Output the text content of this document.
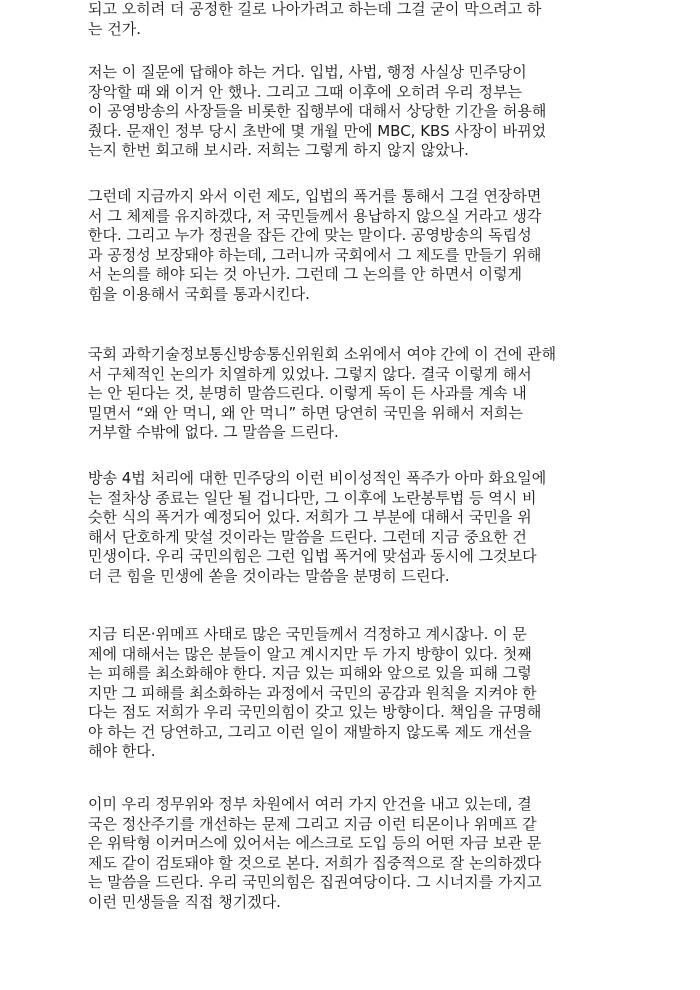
되고 오히려 더 공정한 길로 나아가려고 하는데 그걸 굳이 막으려고 하
는 건가.
저는 이 질문에 답해야 하는 거다. 입법, 사법, 행정 사실상 민주당이
장악할 때 왜 이거 안 했나. 그리고 그때 이후에 오히려 우리 정부는
이 공영방송의 사장들을 비롯한 집행부에 대해서 상당한 기간을 허용해
줬다. 문재인 정부 당시 초반에 몇 개월 만에 MBC, KBS 사장이 바뀌었
는지 한번 회고해 보시라. 저희는 그렇게 하지 않지 않았나.
그런데 지금까지 와서 이런 제도, 입법의 폭거를 통해서 그걸 연장하면
서 그 체제를 유지하겠다, 저 국민들께서 용납하지 않으실 거라고 생각
한다. 그리고 누가 정권을 잡든 간에 맞는 말이다. 공영방송의 독립성
과 공정성 보장돼야 하는데, 그러니까 국회에서 그 제도를 만들기 위해
서 논의를 해야 되는 것 아닌가. 그런데 그 논의를 안 하면서 이렇게
힘을 이용해서 국회를 통과시킨다.
국회 과학기술정보통신방송통신위원회 소위에서 여야 간에 이 건에 관해
서 구체적인 논의가 치열하게 있었나. 그렇지 않다. 결국 이렇게 해서
는 안 된다는 것, 분명히 말씀드린다. 이렇게 독이 든 사과를 계속 내
밀면서 “왜 안 먹니, 왜 안 먹니” 하면 당연히 국민을 위해서 저희는
거부할 수밖에 없다. 그 말씀을 드린다.
방송 4법 처리에 대한 민주당의 이런 비이성적인 폭주가 아마 화요일에
는 절차상 종료는 일단 될 겁니다만, 그 이후에 노란봉투법 등 역시 비
슷한 식의 폭거가 예정되어 있다. 저희가 그 부분에 대해서 국민을 위
해서 단호하게 맞설 것이라는 말씀을 드린다. 그런데 지금 중요한 건
민생이다. 우리 국민의힘은 그런 입법 폭거에 맞섬과 동시에 그것보다
더 큰 힘을 민생에 쏟을 것이라는 말씀을 분명히 드린다.
지금 티몬·위메프 사태로 많은 국민들께서 걱정하고 계시잖나. 이 문
제에 대해서는 많은 분들이 알고 계시지만 두 가지 방향이 있다. 첫째
는 피해를 최소화해야 한다. 지금 있는 피해와 앞으로 있을 피해 그렇
지만 그 피해를 최소화하는 과정에서 국민의 공감과 원칙을 지켜야 한
다는 점도 저희가 우리 국민의힘이 갖고 있는 방향이다. 책임을 규명해
야 하는 건 당연하고, 그리고 이런 일이 재발하지 않도록 제도 개선을
해야 한다.
이미 우리 정무위와 정부 차원에서 여러 가지 안건을 내고 있는데, 결
국은 정산주기를 개선하는 문제 그리고 지금 이런 티몬이나 위메프 같
은 위탁형 이커머스에 있어서는 에스크로 도입 등의 어떤 자금 보관 문
제도 같이 검토돼야 할 것으로 본다. 저희가 집중적으로 잘 논의하겠다
는 말씀을 드린다. 우리 국민의힘은 집권여당이다. 그 시너지를 가지고
이런 민생들을 직접 챙기겠다.
